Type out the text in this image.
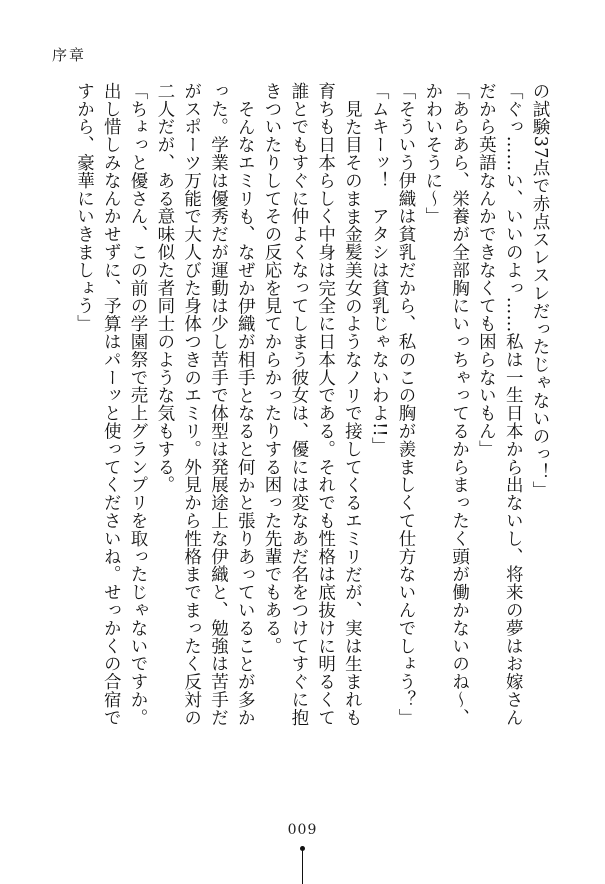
序章

の試験37点で赤点スレスレだったじゃないのっ！」

「ぐっ……い、いいのよっ……私は一生日本から出ないし、将来の夢はお嫁さんだから英語なんかできなくても困らないもん」

「あらあら、栄養が全部胸にいっちゃってるからまったく頭が働かないのね～、かわいそうに～」

「そういう伊織は貧乳だから、私のこの胸が羨ましくて仕方ないんでしょう？」

「ムキーッ！　アタシは貧乳じゃないわよ!!」

見た目そのまま金髪美女のようなノリで接してくるエミリだが、実は生まれも育ちも日本らしく中身は完全に日本人である。それでも性格は底抜けに明るくて誰とでもすぐに仲よくなってしまう彼女は、優には変なあだ名をつけてすぐに抱きついたりしてその反応を見てからかったりする困った先輩でもある。

そんなエミリも、なぜか伊織が相手となると何かと張りあっていることが多かった。学業は優秀だが運動は少し苦手で体型は発展途上な伊織と、勉強は苦手だがスポーツ万能で大人びた身体つきのエミリ。外見から性格までまったく反対の二人だが、ある意味似た者同士のような気もする。

「ちょっと優さん、この前の学園祭で売上グランプリを取ったじゃないですか。出し惜しみなんかせずに、予算はパーッと使ってくださいね。せっかくの合宿ですから、豪華にいきましょう」

009
